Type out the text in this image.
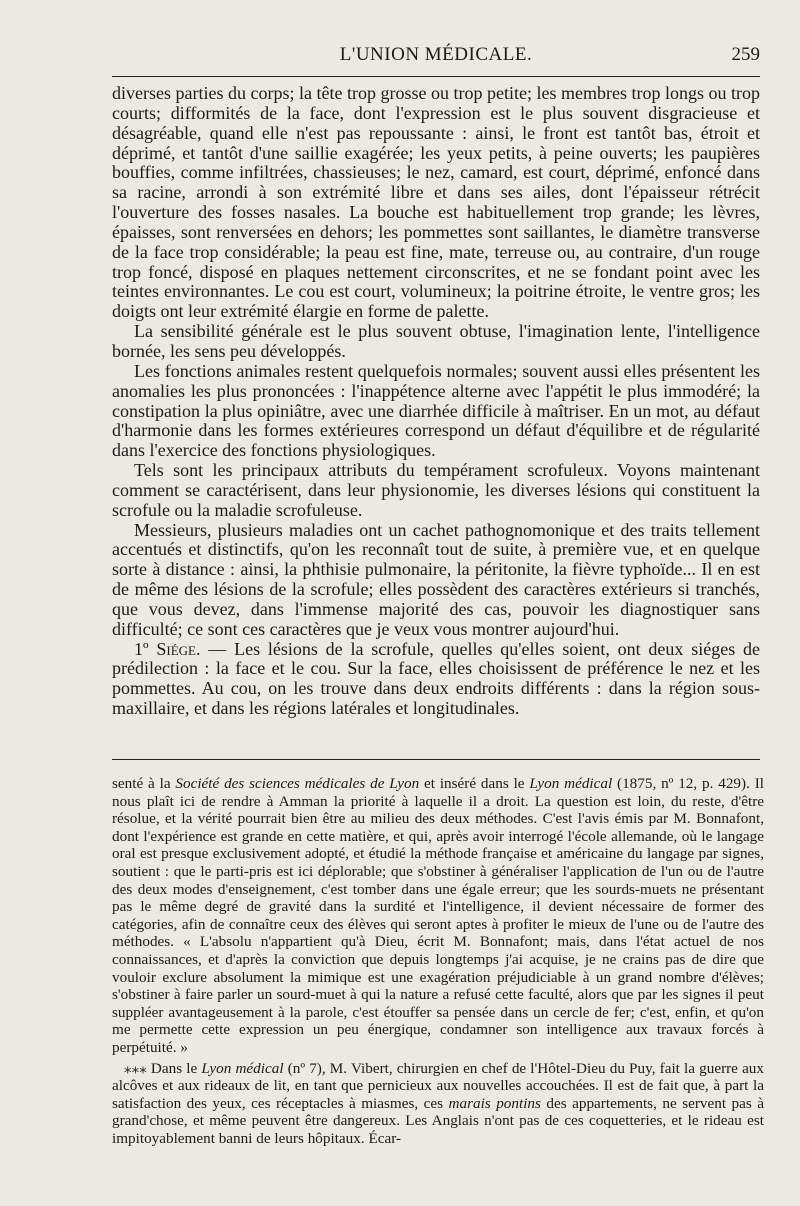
L'UNION MÉDICALE.	259

diverses parties du corps; la tête trop grosse ou trop petite; les membres trop longs ou trop courts; difformités de la face, dont l'expression est le plus souvent disgracieuse et désagréable, quand elle n'est pas repoussante : ainsi, le front est tantôt bas, étroit et déprimé, et tantôt d'une saillie exagérée; les yeux petits, à peine ouverts; les paupières bouffies, comme infiltrées, chassieuses; le nez, camard, est court, déprimé, enfoncé dans sa racine, arrondi à son extrémité libre et dans ses ailes, dont l'épaisseur rétrécit l'ouverture des fosses nasales. La bouche est habituellement trop grande; les lèvres, épaisses, sont renversées en dehors; les pommettes sont saillantes, le diamètre transverse de la face trop considérable; la peau est fine, mate, terreuse ou, au contraire, d'un rouge trop foncé, disposé en plaques nettement circonscrites, et ne se fondant point avec les teintes environnantes. Le cou est court, volumineux; la poitrine étroite, le ventre gros; les doigts ont leur extrémité élargie en forme de palette.

La sensibilité générale est le plus souvent obtuse, l'imagination lente, l'intelligence bornée, les sens peu développés.

Les fonctions animales restent quelquefois normales; souvent aussi elles présentent les anomalies les plus prononcées : l'inappétence alterne avec l'appétit le plus immodéré; la constipation la plus opiniâtre, avec une diarrhée difficile à maîtriser. En un mot, au défaut d'harmonie dans les formes extérieures correspond un défaut d'équilibre et de régularité dans l'exercice des fonctions physiologiques.

Tels sont les principaux attributs du tempérament scrofuleux. Voyons maintenant comment se caractérisent, dans leur physionomie, les diverses lésions qui constituent la scrofule ou la maladie scrofuleuse.

Messieurs, plusieurs maladies ont un cachet pathognomonique et des traits tellement accentués et distinctifs, qu'on les reconnaît tout de suite, à première vue, et en quelque sorte à distance : ainsi, la phthisie pulmonaire, la péritonite, la fièvre typhoïde... Il en est de même des lésions de la scrofule; elles possèdent des caractères extérieurs si tranchés, que vous devez, dans l'immense majorité des cas, pouvoir les diagnostiquer sans difficulté; ce sont ces caractères que je veux vous montrer aujourd'hui.

1º Siége. — Les lésions de la scrofule, quelles qu'elles soient, ont deux siéges de prédilection : la face et le cou. Sur la face, elles choisissent de préférence le nez et les pommettes. Au cou, on les trouve dans deux endroits différents : dans la région sous-maxillaire, et dans les régions latérales et longitudinales.

senté à la Société des sciences médicales de Lyon et inséré dans le Lyon médical (1875, nº 12, p. 429). Il nous plaît ici de rendre à Amman la priorité à laquelle il a droit. La question est loin, du reste, d'être résolue, et la vérité pourrait bien être au milieu des deux méthodes. C'est l'avis émis par M. Bonnafont, dont l'expérience est grande en cette matière, et qui, après avoir interrogé l'école allemande, où le langage oral est presque exclusivement adopté, et étudié la méthode française et américaine du langage par signes, soutient : que le parti-pris est ici déplorable; que s'obstiner à généraliser l'application de l'un ou de l'autre des deux modes d'enseignement, c'est tomber dans une égale erreur; que les sourds-muets ne présentant pas le même degré de gravité dans la surdité et l'intelligence, il devient nécessaire de former des catégories, afin de connaître ceux des élèves qui seront aptes à profiter le mieux de l'une ou de l'autre des méthodes. « L'absolu n'appartient qu'à Dieu, écrit M. Bonnafont; mais, dans l'état actuel de nos connaissances, et d'après la conviction que depuis longtemps j'ai acquise, je ne crains pas de dire que vouloir exclure absolument la mimique est une exagération préjudiciable à un grand nombre d'élèves; s'obstiner à faire parler un sourd-muet à qui la nature a refusé cette faculté, alors que par les signes il peut suppléer avantageusement à la parole, c'est étouffer sa pensée dans un cercle de fer; c'est, enfin, et qu'on me permette cette expression un peu énergique, condamner son intelligence aux travaux forcés à perpétuité. »

⁎⁎⁎ Dans le Lyon médical (nº 7), M. Vibert, chirurgien en chef de l'Hôtel-Dieu du Puy, fait la guerre aux alcôves et aux rideaux de lit, en tant que pernicieux aux nouvelles accouchées. Il est de fait que, à part la satisfaction des yeux, ces réceptacles à miasmes, ces marais pontins des appartements, ne servent pas à grand'chose, et même peuvent être dangereux. Les Anglais n'ont pas de ces coquetteries, et le rideau est impitoyablement banni de leurs hôpitaux. Écar-
